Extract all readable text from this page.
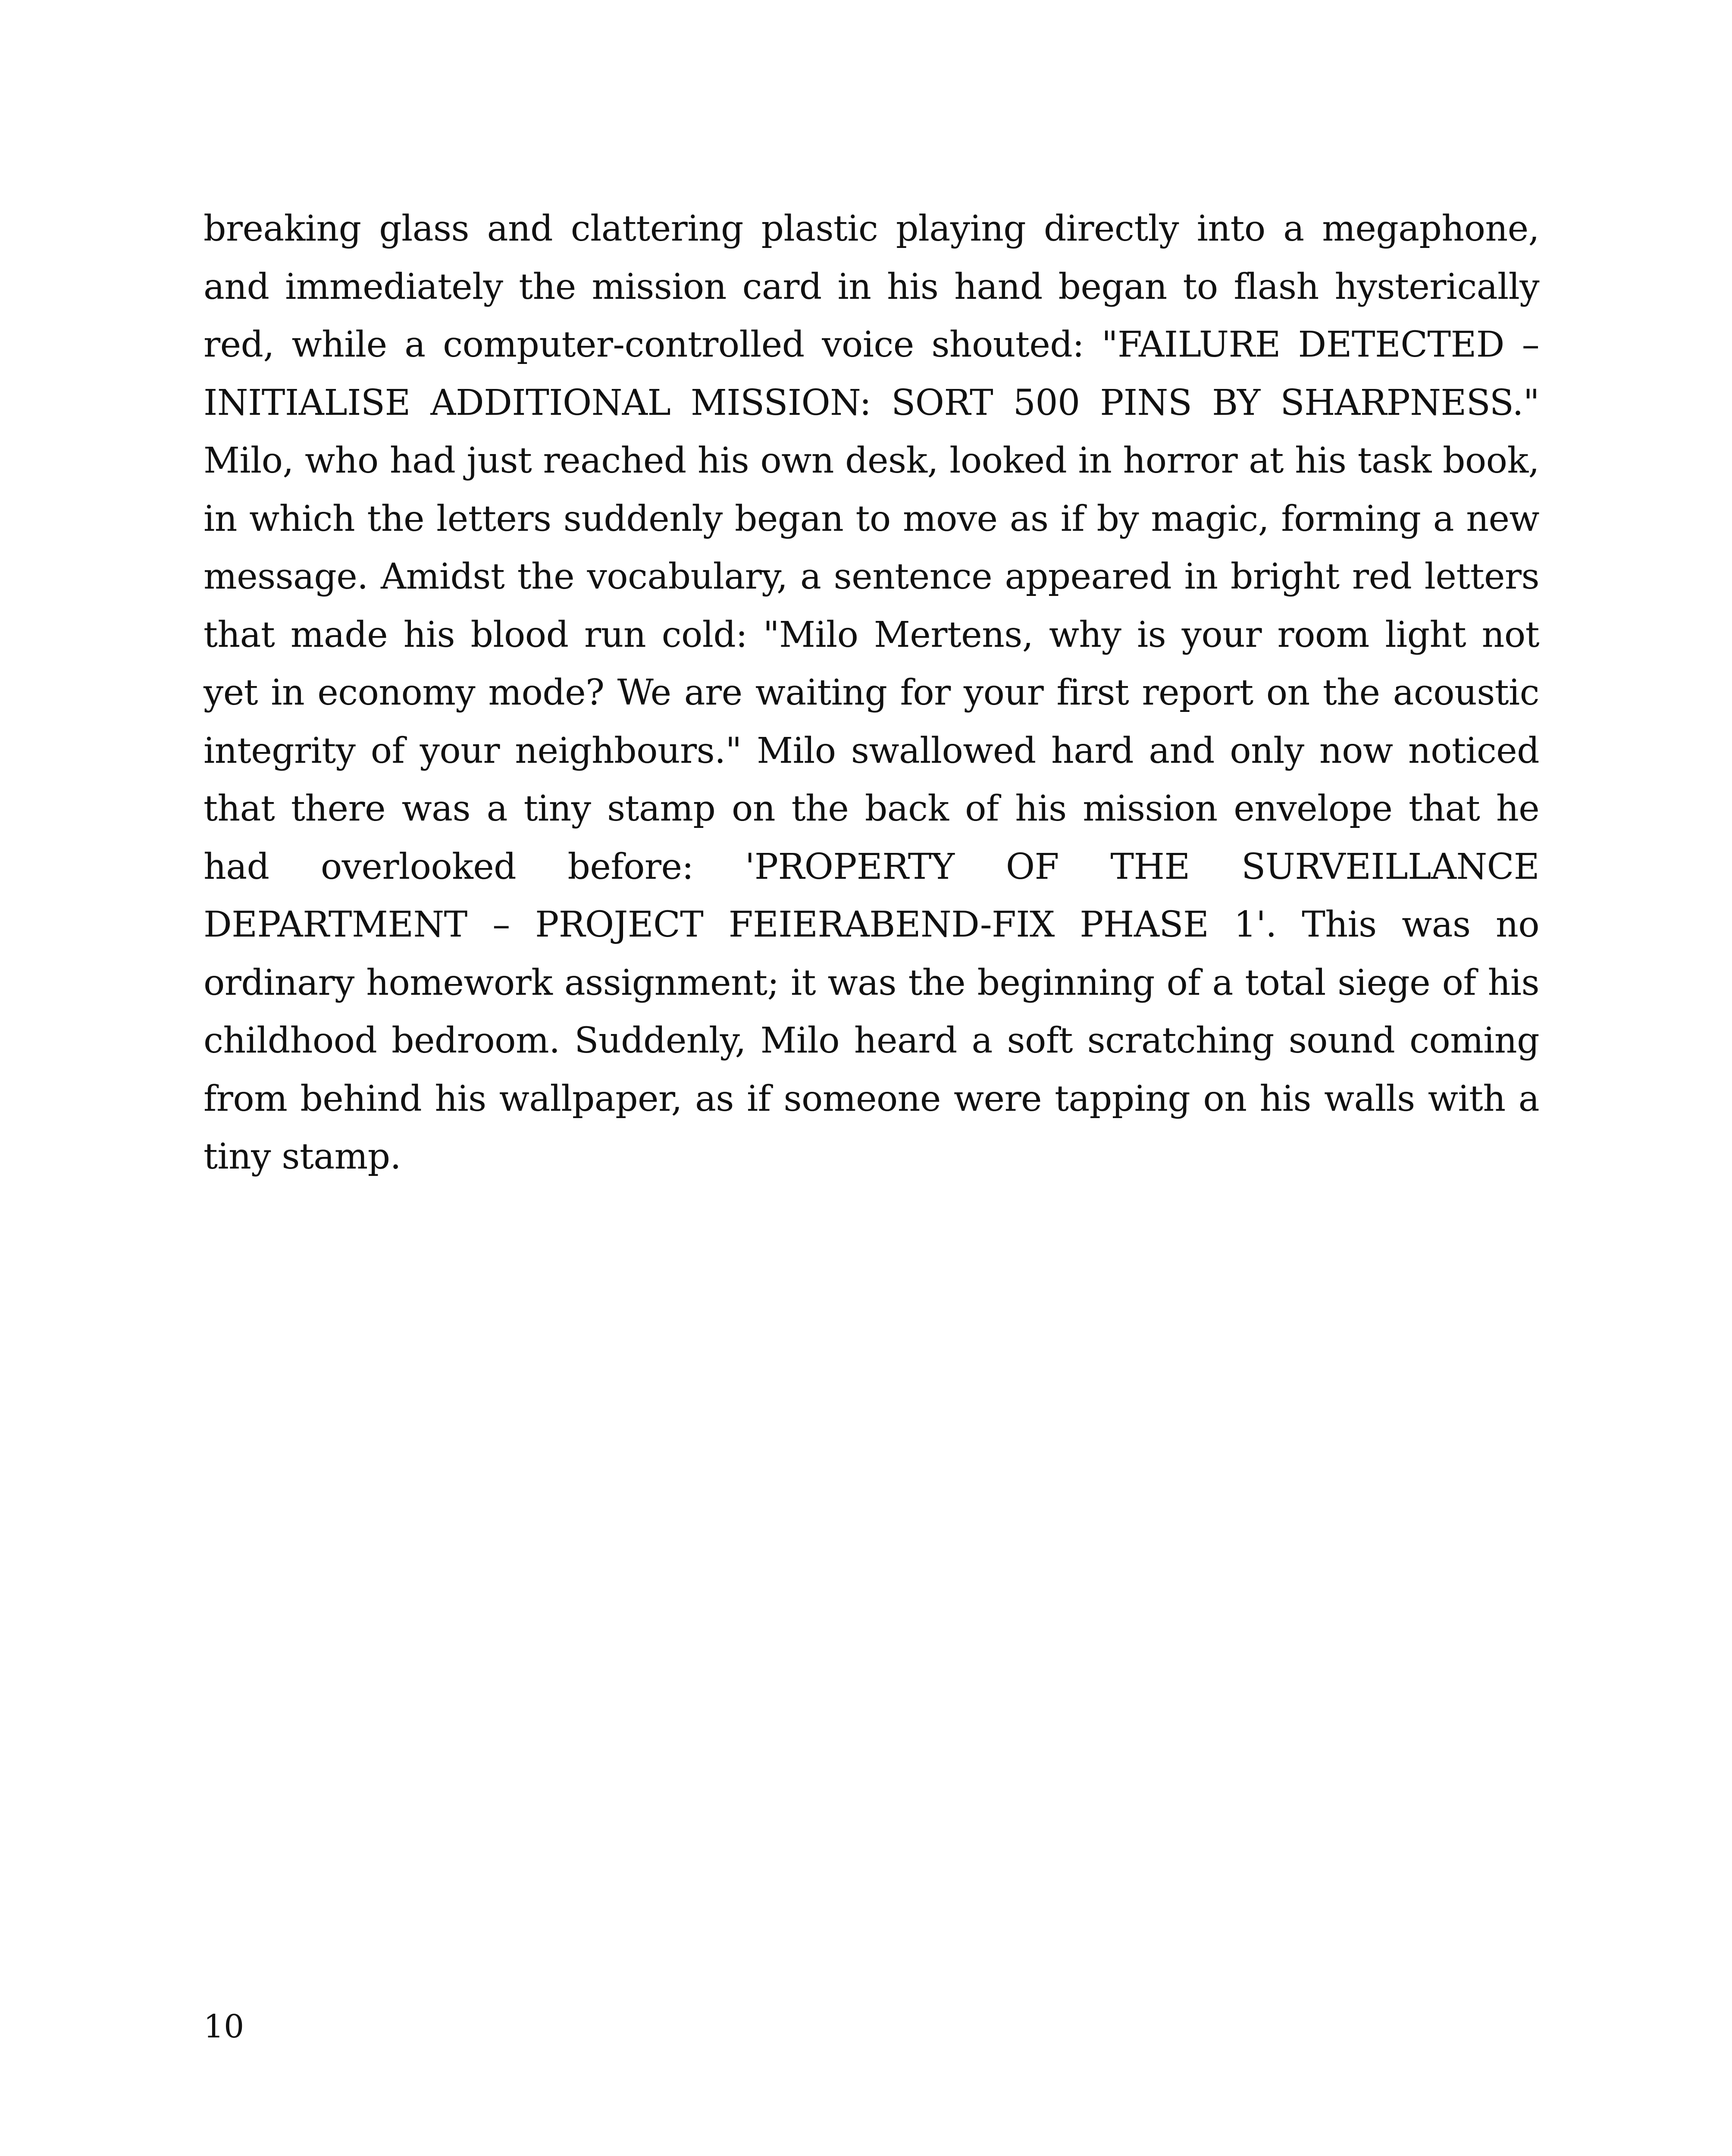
breaking glass and clattering plastic playing directly into a megaphone, and immediately the mission card in his hand began to flash hysterically red, while a computer-controlled voice shouted: "FAILURE DETECTED – INITIALISE ADDITIONAL MISSION: SORT 500 PINS BY SHARPNESS." Milo, who had just reached his own desk, looked in horror at his task book, in which the letters suddenly began to move as if by magic, forming a new message. Amidst the vocabulary, a sentence appeared in bright red letters that made his blood run cold: "Milo Mertens, why is your room light not yet in economy mode? We are waiting for your first report on the acoustic integrity of your neighbours." Milo swallowed hard and only now noticed that there was a tiny stamp on the back of his mission envelope that he had overlooked before: 'PROPERTY OF THE SURVEILLANCE DEPARTMENT – PROJECT FEIERABEND-FIX PHASE 1'. This was no ordinary homework assignment; it was the beginning of a total siege of his childhood bedroom. Suddenly, Milo heard a soft scratching sound coming from behind his wallpaper, as if someone were tapping on his walls with a tiny stamp.

10
